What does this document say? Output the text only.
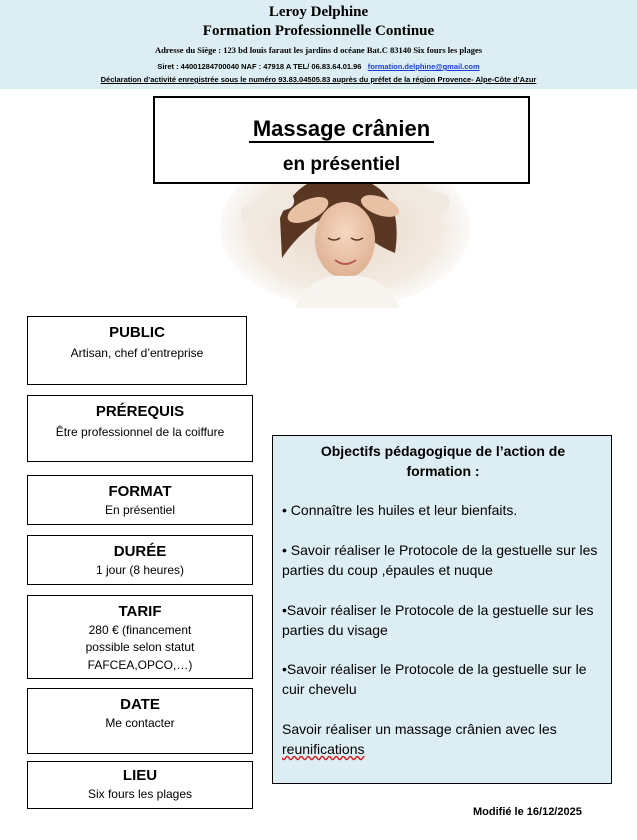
Leroy Delphine
Formation Professionnelle Continue
Adresse du Siège : 123 bd louis faraut les jardins d océane Bat.C 83140 Six fours les plages
Siret : 44001284700040 NAF : 47918 A TEL/ 06.83.64.01.96 formation.delphine@gmail.com
Déclaration d’activité enregistrée sous le numéro 93.83.04505.83 auprès du préfet de la région Provence- Alpe-Côte d’Azur
Massage crânien
en présentiel
PUBLIC
Artisan, chef d’entreprise
PRÉREQUIS
Être professionnel de la coiffure
FORMAT
En présentiel
DURÉE
1 jour (8 heures)
TARIF
280 € (financement
possible selon statut
FAFCEA,OPCO,…)
DATE
Me contacter
LIEU
Six fours les plages
Objectifs pédagogique de l’action de formation :
• Connaître les huiles et leur bienfaits.
• Savoir réaliser le Protocole de la gestuelle sur les parties du coup ,épaules et nuque
•Savoir réaliser le Protocole de la gestuelle sur les parties du visage
•Savoir réaliser le Protocole de la gestuelle sur le cuir chevelu
Savoir réaliser un massage crânien avec les reunifications
Modifié le 16/12/2025
